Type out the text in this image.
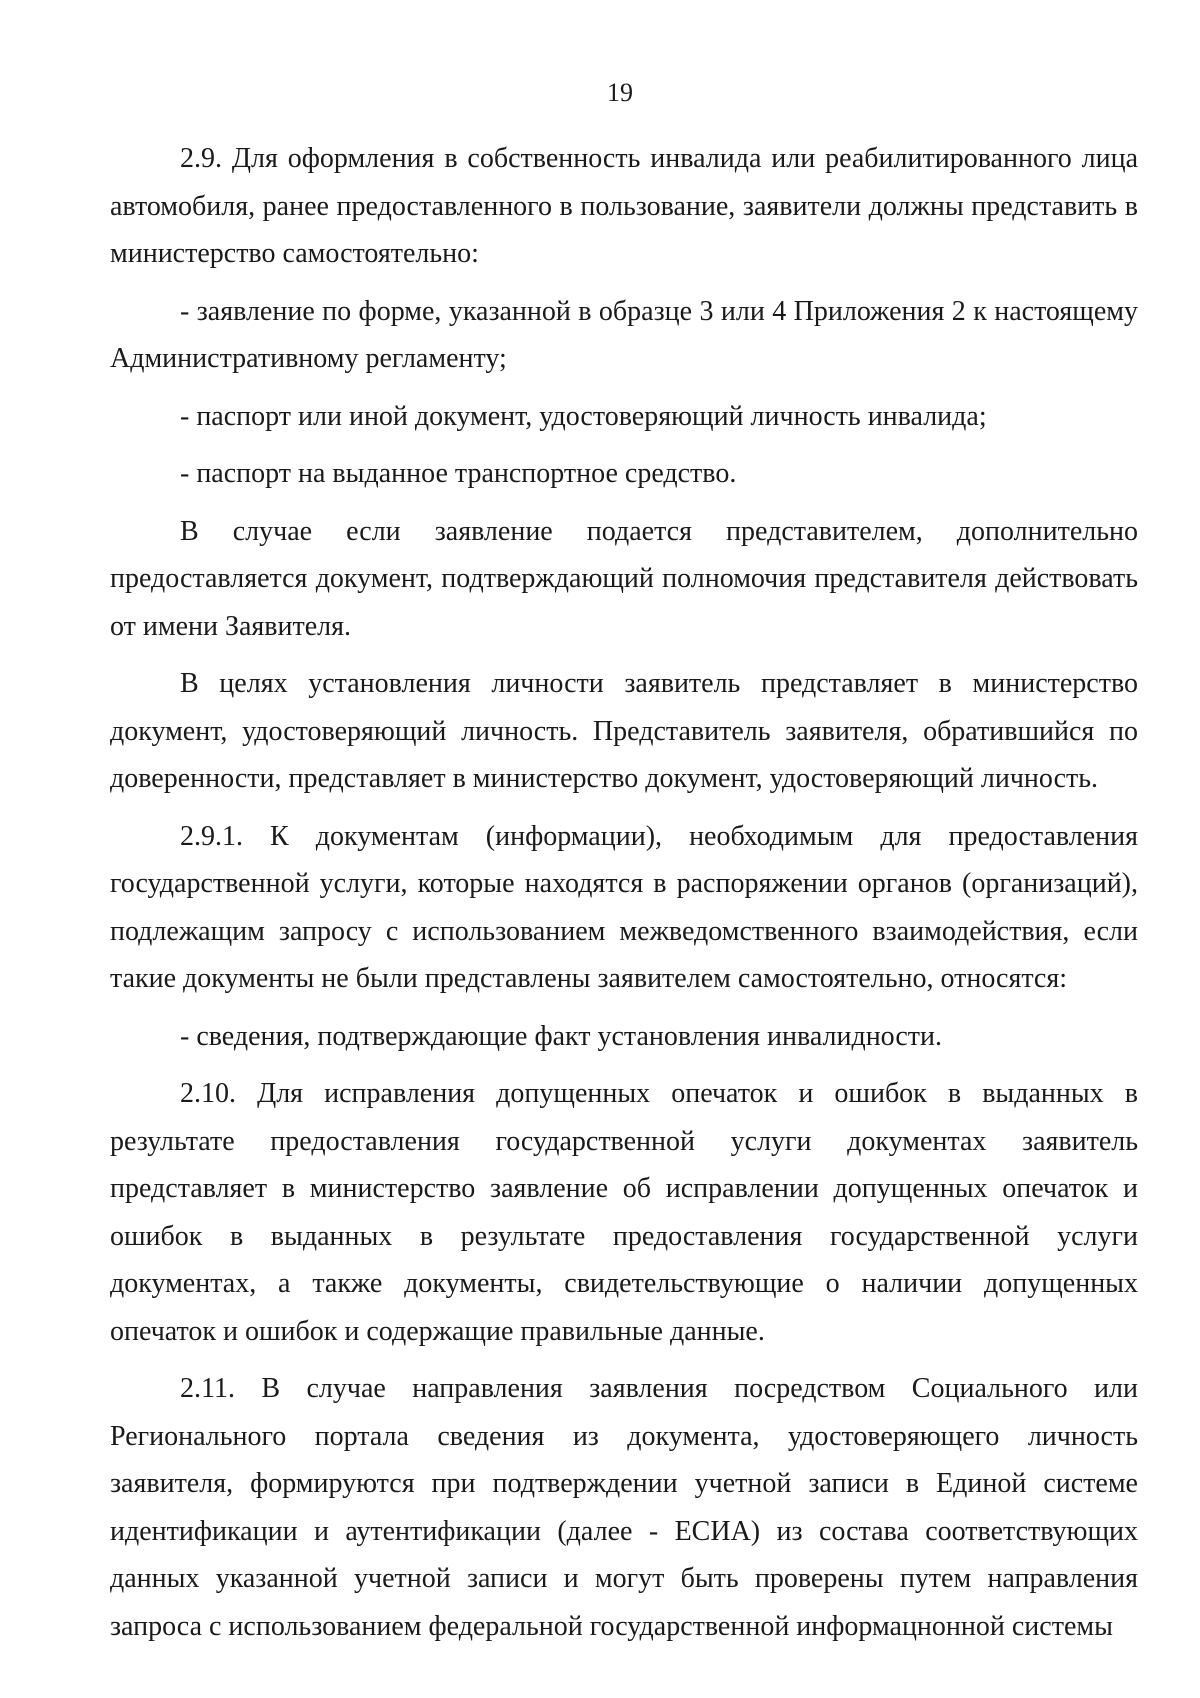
19

2.9. Для оформления в собственность инвалида или реабилитированного лица автомобиля, ранее предоставленного в пользование, заявители должны представить в министерство самостоятельно:

- заявление по форме, указанной в образце 3 или 4 Приложения 2 к настоящему Административному регламенту;

- паспорт или иной документ, удостоверяющий личность инвалида;

- паспорт на выданное транспортное средство.

В случае если заявление подается представителем, дополнительно предоставляется документ, подтверждающий полномочия представителя действовать от имени Заявителя.

В целях установления личности заявитель представляет в министерство документ, удостоверяющий личность. Представитель заявителя, обратившийся по доверенности, представляет в министерство документ, удостоверяющий личность.

2.9.1. К документам (информации), необходимым для предоставления государственной услуги, которые находятся в распоряжении органов (организаций), подлежащим запросу с использованием межведомственного взаимодействия, если такие документы не были представлены заявителем самостоятельно, относятся:

- сведения, подтверждающие факт установления инвалидности.

2.10. Для исправления допущенных опечаток и ошибок в выданных в результате предоставления государственной услуги документах заявитель представляет в министерство заявление об исправлении допущенных опечаток и ошибок в выданных в результате предоставления государственной услуги документах, а также документы, свидетельствующие о наличии допущенных опечаток и ошибок и содержащие правильные данные.

2.11. В случае направления заявления посредством Социального или Регионального портала сведения из документа, удостоверяющего личность заявителя, формируются при подтверждении учетной записи в Единой системе идентификации и аутентификации (далее - ЕСИА) из состава соответствующих данных указанной учетной записи и могут быть проверены путем направления запроса с использованием федеральной государственной информацнонной системы
